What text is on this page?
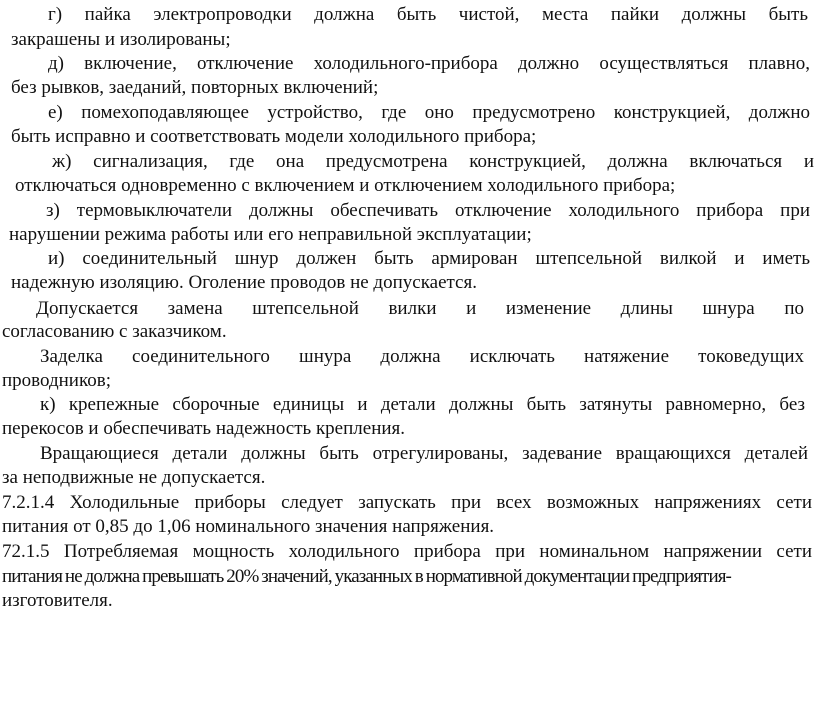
г) пайка электропроводки должна быть чистой, места пайки должны быть
закрашены и изолированы;
д) включение, отключение холодильного-прибора должно осуществляться плавно,
без рывков, заеданий, повторных включений;
е) помехоподавляющее устройство, где оно предусмотрено конструкцией, должно
быть исправно и соответствовать модели холодильного прибора;
ж) сигнализация, где она предусмотрена конструкцией, должна включаться и
отключаться одновременно с включением и отключением холодильного прибора;
з) термовыключатели должны обеспечивать отключение холодильного прибора при
нарушении режима работы или его неправильной эксплуатации;
и) соединительный шнур должен быть армирован штепсельной вилкой и иметь
надежную изоляцию. Оголение проводов не допускается.
Допускается замена штепсельной вилки и изменение длины шнура по
согласованию с заказчиком.
Заделка соединительного шнура должна исключать натяжение токоведущих
проводников;
к) крепежные сборочные единицы и детали должны быть затянуты равномерно, без
перекосов и обеспечивать надежность крепления.
Вращающиеся детали должны быть отрегулированы, задевание вращающихся деталей
за неподвижные не допускается.
7.2.1.4 Холодильные приборы следует запускать при всех возможных напряжениях сети
питания от 0,85 до 1,06 номинального значения напряжения.
72.1.5 Потребляемая мощность холодильного прибора при номинальном напряжении сети
питания не должна превышать 20% значений, указанных в нормативной документации предприятия-
изготовителя.
